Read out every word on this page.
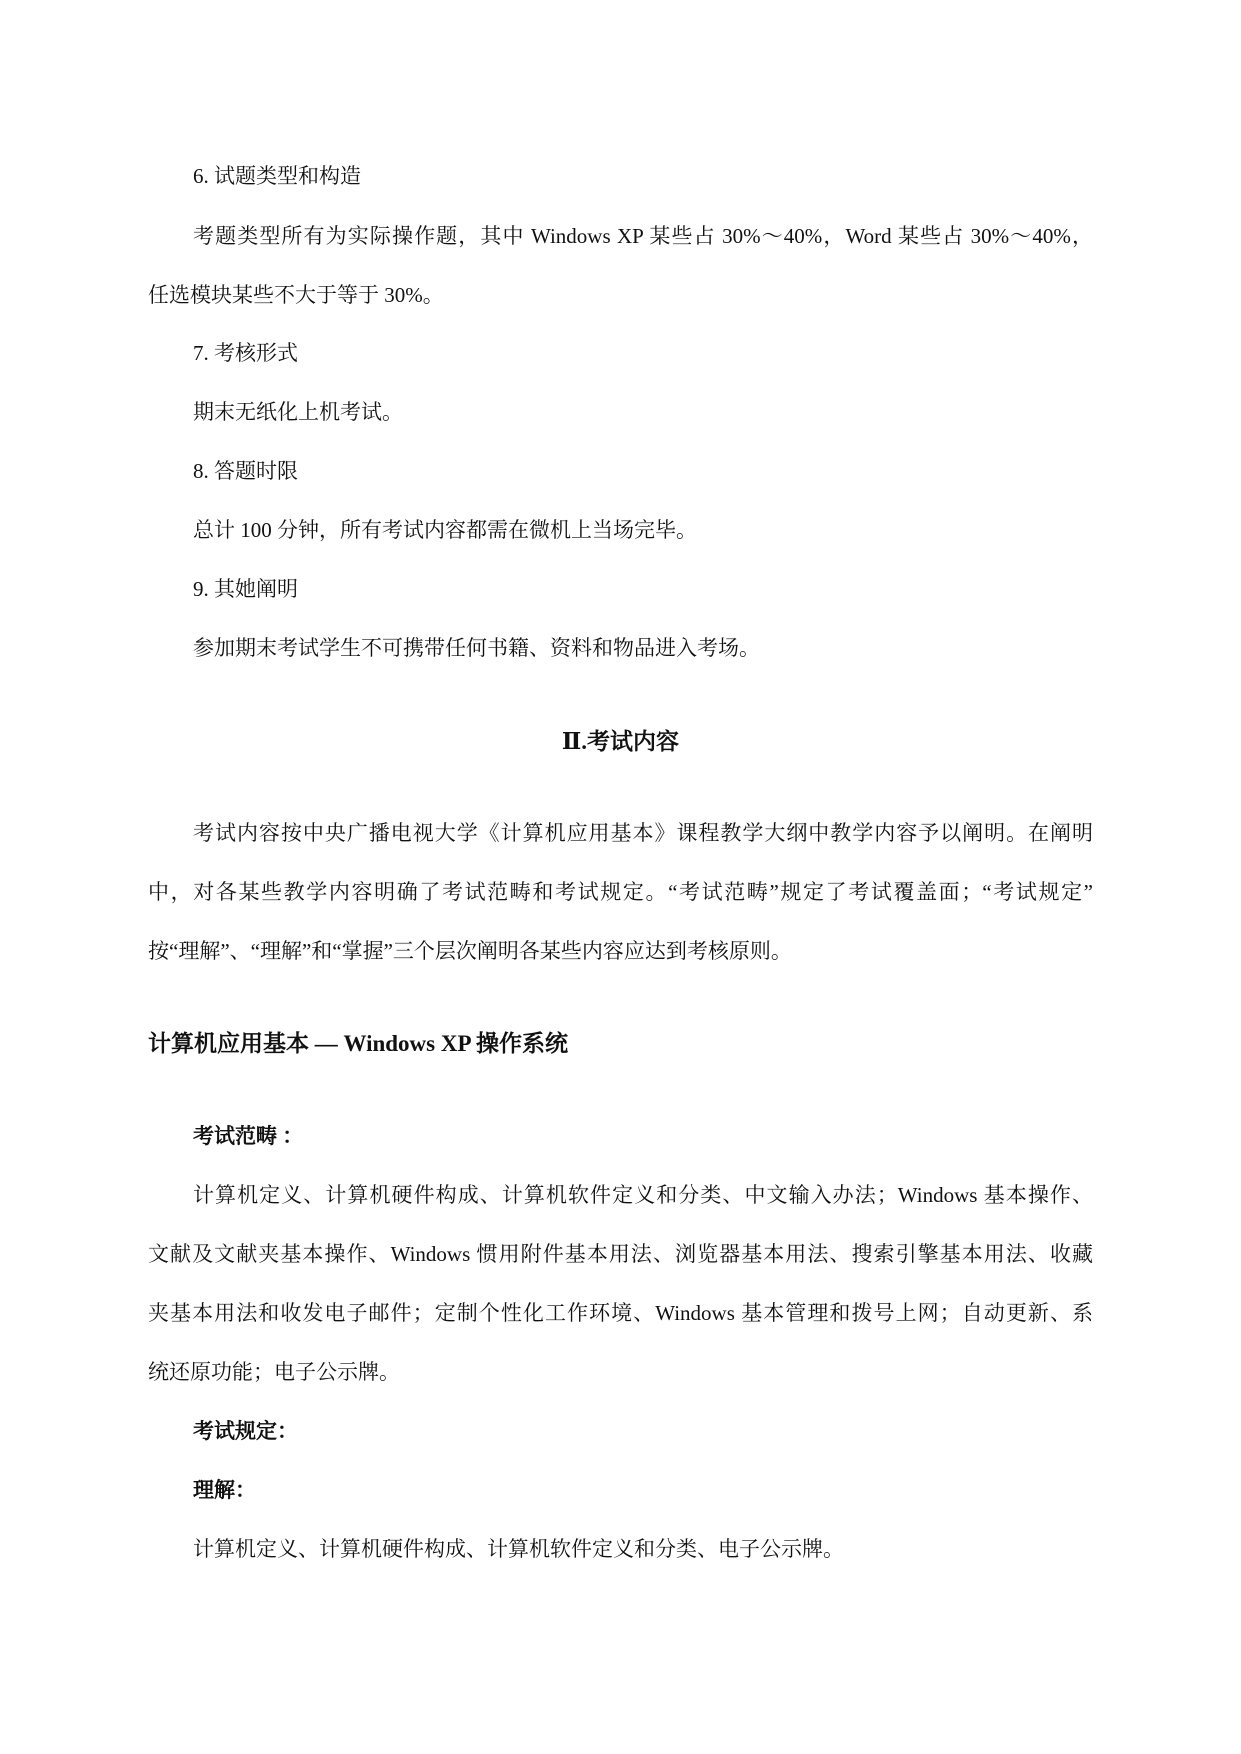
6. 试题类型和构造

考题类型所有为实际操作题，其中 Windows XP 某些占 30%～40%，Word 某些占 30%～40%，

任选模块某些不大于等于 30%。

7. 考核形式

期末无纸化上机考试。

8. 答题时限

总计 100 分钟，所有考试内容都需在微机上当场完毕。

9. 其她阐明

参加期末考试学生不可携带任何书籍、资料和物品进入考场。

Ⅱ.考试内容

考试内容按中央广播电视大学《计算机应用基本》课程教学大纲中教学内容予以阐明。在阐明

中，对各某些教学内容明确了考试范畴和考试规定。“考试范畴”规定了考试覆盖面；“考试规定”

按“理解”、“理解”和“掌握”三个层次阐明各某些内容应达到考核原则。

计算机应用基本 — Windows XP 操作系统
考试范畴 ：

计算机定义、计算机硬件构成、计算机软件定义和分类、中文输入办法；Windows 基本操作、

文献及文献夹基本操作、Windows 惯用附件基本用法、浏览器基本用法、搜索引擎基本用法、收藏

夹基本用法和收发电子邮件；定制个性化工作环境、Windows 基本管理和拨号上网；自动更新、系

统还原功能；电子公示牌。

考试规定：
理解：

计算机定义、计算机硬件构成、计算机软件定义和分类、电子公示牌。
